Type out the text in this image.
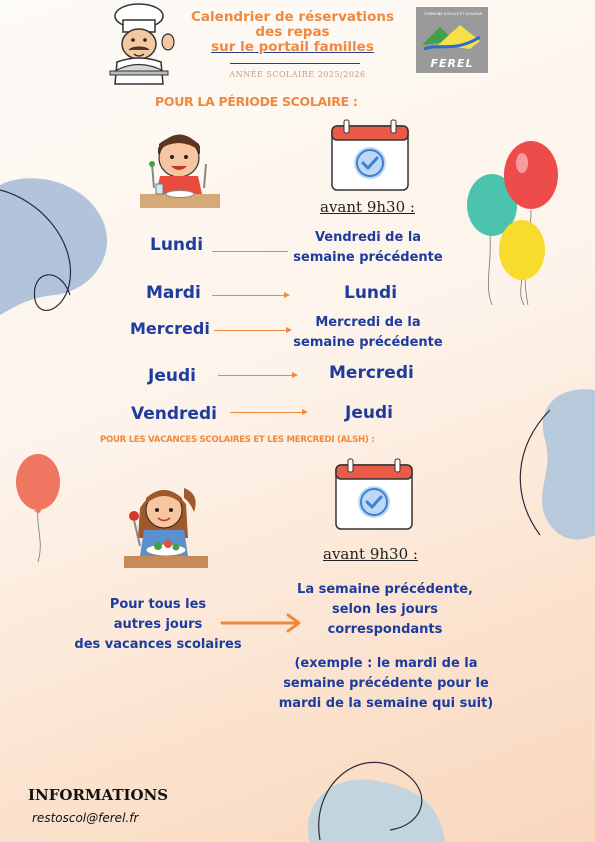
Calendrier de réservations
des repas
sur le portail familles
ANNÉE SCOLAIRE 2025/2026
COMMUNE D'ÉCOLE ET D'AVENIR
FEREL
POUR LA PÉRIODE SCOLAIRE :
avant 9h30 :
Lundi	Vendredi de la
semaine précédente
Mardi	Lundi
Mercredi	Mercredi de la
semaine précédente
Jeudi	Mercredi
Vendredi	Jeudi
POUR LES VACANCES SCOLAIRES ET LES MERCREDI (ALSH) :
avant 9h30 :
Pour tous les
autres jours
des vacances scolaires
La semaine précédente,
selon les jours
correspondants
(exemple : le mardi de la
semaine précédente pour le
mardi de la semaine qui suit)
INFORMATIONS
restoscol@ferel.fr
